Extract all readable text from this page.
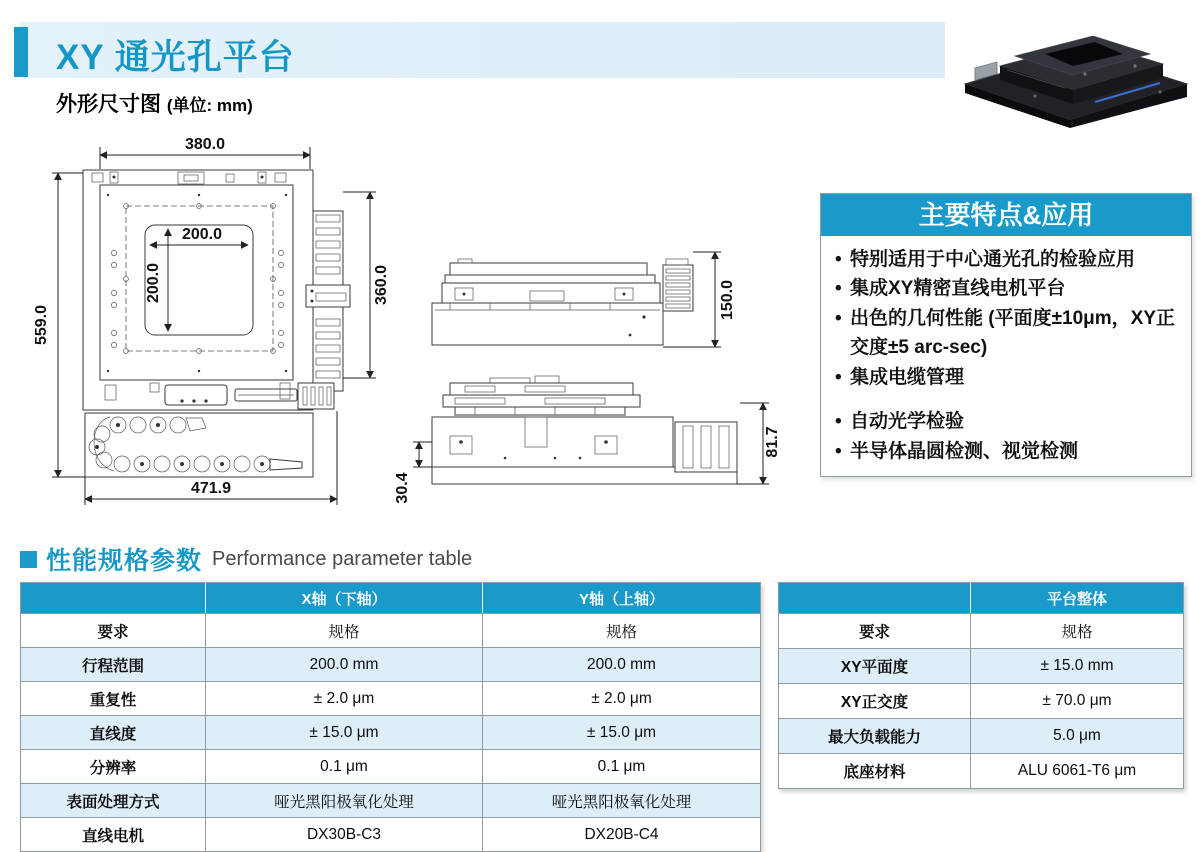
XY 通光孔平台
外形尺寸图 (单位: mm)
380.0
200.0
200.0	360.0
559.0
471.9
150.0
81.7
30.4
主要特点&应用
• 特别适用于中心通光孔的检验应用
• 集成XY精密直线电机平台
• 出色的几何性能 (平面度±10μm，XY正交度±5 arc-sec)
• 集成电缆管理
• 自动光学检验
• 半导体晶圆检测、视觉检测
性能规格参数 Performance parameter table
	X轴（下轴）	Y轴（上轴）
要求	规格	规格
行程范围	200.0 mm	200.0 mm
重复性	± 2.0 μm	± 2.0 μm
直线度	± 15.0 μm	± 15.0 μm
分辨率	0.1 μm	0.1 μm
表面处理方式	哑光黑阳极氧化处理	哑光黑阳极氧化处理
直线电机	DX30B-C3	DX20B-C4
	平台整体
要求	规格
XY平面度	± 15.0 mm
XY正交度	± 70.0 μm
最大负载能力	5.0 μm
底座材料	ALU 6061-T6 μm
